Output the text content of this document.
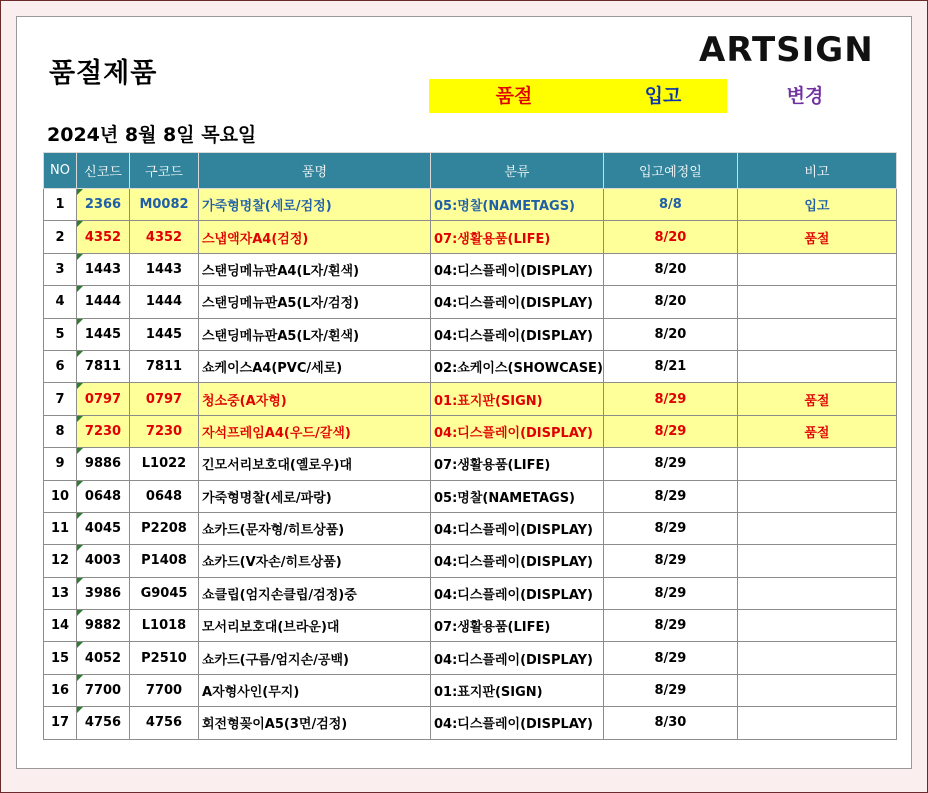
품절제품
ARTSIGN
품절	입고	변경
2024년 8월 8일 목요일
NO	신코드	구코드	품명	분류	입고예정일	비고
1	2366	M0082	가죽형명찰(세로/검정)	05:명찰(NAMETAGS)	8/8	입고
2	4352	4352	스냅액자A4(검정)	07:생활용품(LIFE)	8/20	품절
3	1443	1443	스탠딩메뉴판A4(L자/흰색)	04:디스플레이(DISPLAY)	8/20	
4	1444	1444	스탠딩메뉴판A5(L자/검정)	04:디스플레이(DISPLAY)	8/20	
5	1445	1445	스탠딩메뉴판A5(L자/흰색)	04:디스플레이(DISPLAY)	8/20	
6	7811	7811	쇼케이스A4(PVC/세로)	02:쇼케이스(SHOWCASE)	8/21	
7	0797	0797	청소중(A자형)	01:표지판(SIGN)	8/29	품절
8	7230	7230	자석프레임A4(우드/갈색)	04:디스플레이(DISPLAY)	8/29	품절
9	9886	L1022	긴모서리보호대(옐로우)대	07:생활용품(LIFE)	8/29	
10	0648	0648	가죽형명찰(세로/파랑)	05:명찰(NAMETAGS)	8/29	
11	4045	P2208	쇼카드(문자형/히트상품)	04:디스플레이(DISPLAY)	8/29	
12	4003	P1408	쇼카드(V자손/히트상품)	04:디스플레이(DISPLAY)	8/29	
13	3986	G9045	쇼클립(엄지손클립/검정)중	04:디스플레이(DISPLAY)	8/29	
14	9882	L1018	모서리보호대(브라운)대	07:생활용품(LIFE)	8/29	
15	4052	P2510	쇼카드(구름/엄지손/공백)	04:디스플레이(DISPLAY)	8/29	
16	7700	7700	A자형사인(무지)	01:표지판(SIGN)	8/29	
17	4756	4756	회전형꽂이A5(3면/검정)	04:디스플레이(DISPLAY)	8/30	
